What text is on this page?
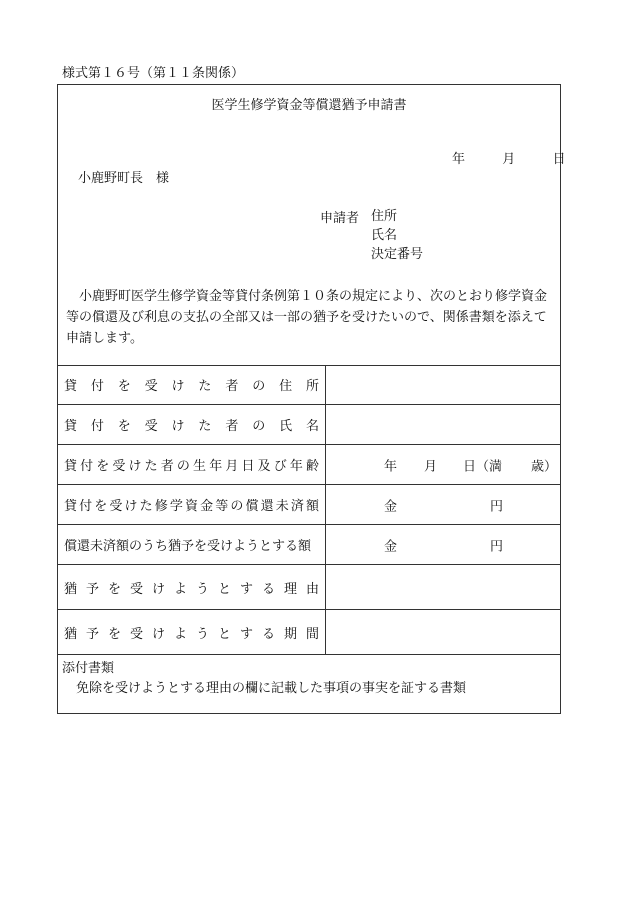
様式第１６号（第１１条関係）
医学生修学資金等償還猶予申請書
年	月	日
小鹿野町長　様
申請者 住所
氏名
決定番号
小鹿野町医学生修学資金等貸付条例第１０条の規定により、次のとおり修学資金等の償還及び利息の支払の全部又は一部の猶予を受けたいので、関係書類を添えて申請します。
貸付を受けた者の住所
貸付を受けた者の氏名
貸付を受けた者の生年月日及び年齢	年 月 日（満 歳）
貸付を受けた修学資金等の償還未済額	金	円
償還未済額のうち猶予を受けようとする額	金	円
猶予を受けようとする理由
猶予を受けようとする期間
添付書類
免除を受けようとする理由の欄に記載した事項の事実を証する書類
